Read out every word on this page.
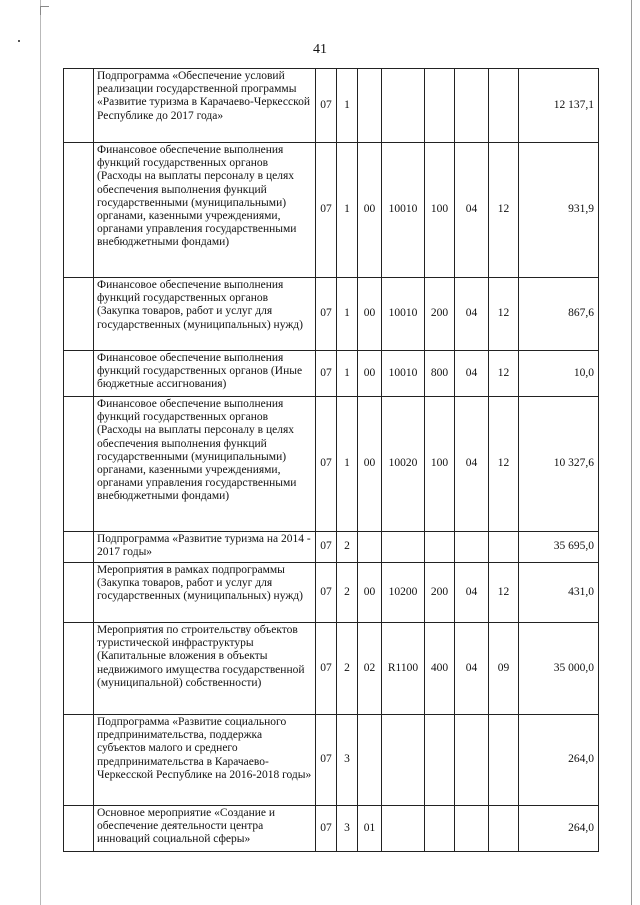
41
	Подпрограмма «Обеспечение условий реализации государственной программы «Развитие туризма в Карачаево-Черкесской Республике до 2017 года»	07	1						12 137,1
	Финансовое обеспечение выполнения функций государственных органов (Расходы на выплаты персоналу в целях обеспечения выполнения функций государственными (муниципальными) органами, казенными учреждениями, органами управления государственными внебюджетными фондами)	07	1	00	10010	100	04	12	931,9
	Финансовое обеспечение выполнения функций государственных органов (Закупка товаров, работ и услуг для государственных (муниципальных) нужд)	07	1	00	10010	200	04	12	867,6
	Финансовое обеспечение выполнения функций государственных органов (Иные бюджетные ассигнования)	07	1	00	10010	800	04	12	10,0
	Финансовое обеспечение выполнения функций государственных органов (Расходы на выплаты персоналу в целях обеспечения выполнения функций государственными (муниципальными) органами, казенными учреждениями, органами управления государственными внебюджетными фондами)	07	1	00	10020	100	04	12	10 327,6
	Подпрограмма «Развитие туризма на 2014 - 2017 годы»	07	2						35 695,0
	Мероприятия в рамках подпрограммы (Закупка товаров, работ и услуг для государственных (муниципальных) нужд)	07	2	00	10200	200	04	12	431,0
	Мероприятия по строительству объектов туристической инфраструктуры (Капитальные вложения в объекты недвижимого имущества государственной (муниципальной) собственности)	07	2	02	R1100	400	04	09	35 000,0
	Подпрограмма «Развитие социального предпринимательства, поддержка субъектов малого и среднего предпринимательства в Карачаево-Черкесской Республике на 2016-2018 годы»	07	3						264,0
	Основное мероприятие «Создание и обеспечение деятельности центра инноваций социальной сферы»	07	3	01					264,0
